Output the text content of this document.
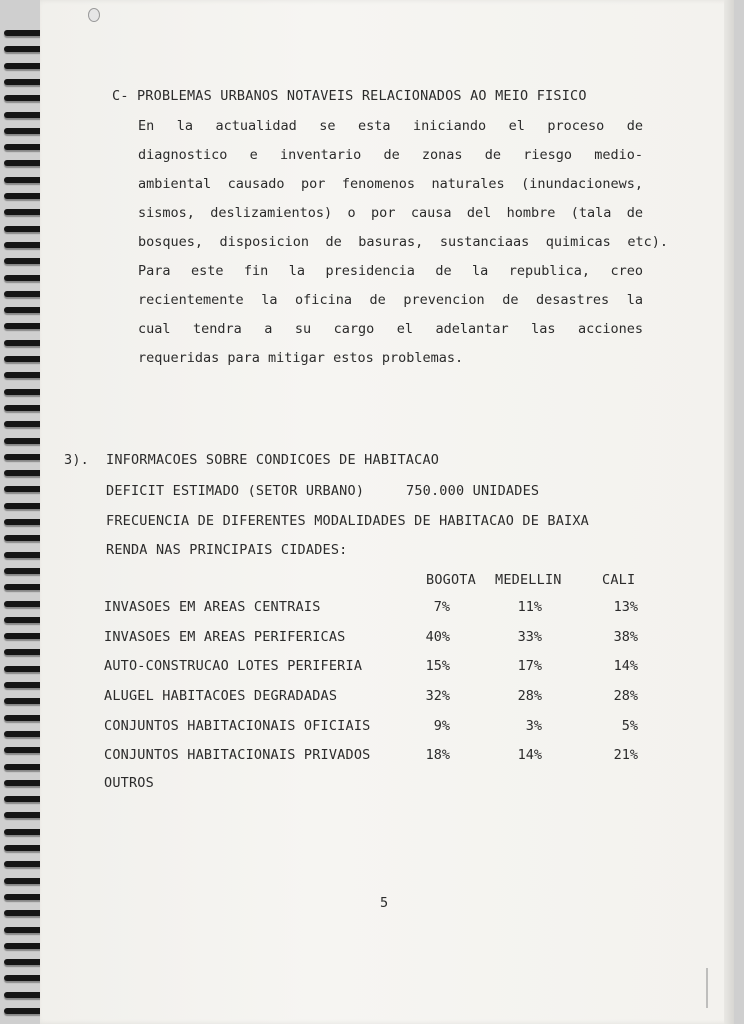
C- PROBLEMAS URBANOS NOTAVEIS RELACIONADOS AO MEIO FISICO
En la actualidad se esta iniciando el proceso de
diagnostico e inventario de zonas de riesgo medio-
ambiental causado por fenomenos naturales (inundacionews,
sismos, deslizamientos) o por causa del hombre (tala de
bosques, disposicion de basuras, sustanciaas quimicas etc).
Para este fin la presidencia de la republica, creo
recientemente la oficina de prevencion de desastres la
cual tendra a su cargo el adelantar las acciones
requeridas para mitigar estos problemas.
3). INFORMACOES SOBRE CONDICOES DE HABITACAO
DEFICIT ESTIMADO (SETOR URBANO)	750.000 UNIDADES
FRECUENCIA DE DIFERENTES MODALIDADES DE HABITACAO DE BAIXA
RENDA NAS PRINCIPAIS CIDADES:
BOGOTA MEDELLIN	CALI
INVASOES EM AREAS CENTRAIS	7%	11%	13%
INVASOES EM AREAS PERIFERICAS	40%	33%	38%
AUTO-CONSTRUCAO LOTES PERIFERIA	15%	17%	14%
ALUGEL HABITACOES DEGRADADAS	32%	28%	28%
CONJUNTOS HABITACIONAIS OFICIAIS	9%	3%	5%
CONJUNTOS HABITACIONAIS PRIVADOS	18%	14%	21%
OUTROS
5
